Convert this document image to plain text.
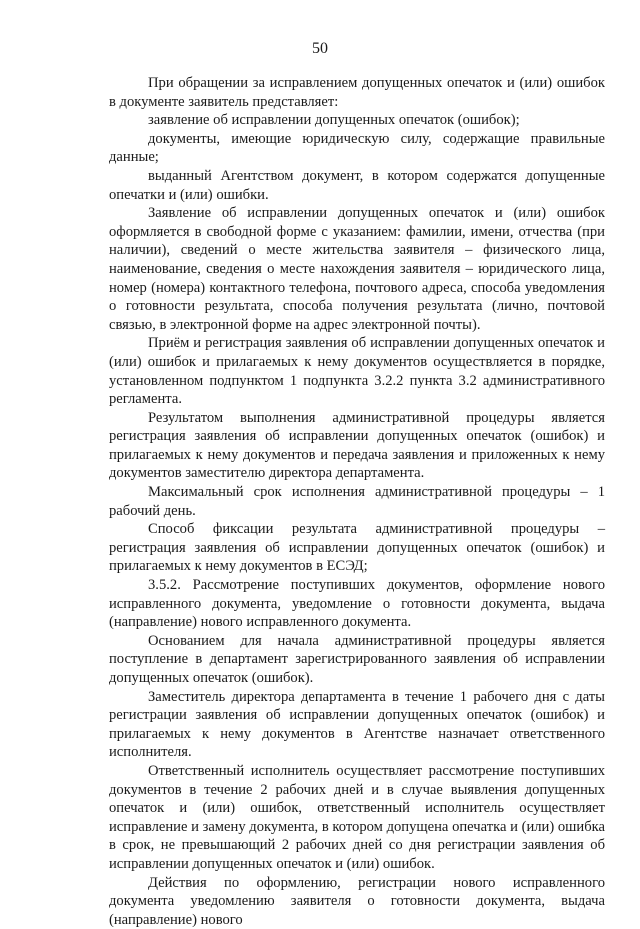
50

При обращении за исправлением допущенных опечаток и (или) ошибок в документе заявитель представляет:

заявление об исправлении допущенных опечаток (ошибок);

документы, имеющие юридическую силу, содержащие правильные данные;

выданный Агентством документ, в котором содержатся допущенные опечатки и (или) ошибки.

Заявление об исправлении допущенных опечаток и (или) ошибок оформляется в свободной форме с указанием: фамилии, имени, отчества (при наличии), сведений о месте жительства заявителя – физического лица, наименование, сведения о месте нахождения заявителя – юридического лица, номер (номера) контактного телефона, почтового адреса, способа уведомления о готовности результата, способа получения результата (лично, почтовой связью, в электронной форме на адрес электронной почты).

Приём и регистрация заявления об исправлении допущенных опечаток и (или) ошибок и прилагаемых к нему документов осуществляется в порядке, установленном подпунктом 1 подпункта 3.2.2 пункта 3.2 административного регламента.

Результатом выполнения административной процедуры является регистрация заявления об исправлении допущенных опечаток (ошибок) и прилагаемых к нему документов и передача заявления и приложенных к нему документов заместителю директора департамента.

Максимальный срок исполнения административной процедуры – 1 рабочий день.

Способ фиксации результата административной процедуры – регистрация заявления об исправлении допущенных опечаток (ошибок) и прилагаемых к нему документов в ЕСЭД;

3.5.2. Рассмотрение поступивших документов, оформление нового исправленного документа, уведомление о готовности документа, выдача (направление) нового исправленного документа.

Основанием для начала административной процедуры является поступление в департамент зарегистрированного заявления об исправлении допущенных опечаток (ошибок).

Заместитель директора департамента в течение 1 рабочего дня с даты регистрации заявления об исправлении допущенных опечаток (ошибок) и прилагаемых к нему документов в Агентстве назначает ответственного исполнителя.

Ответственный исполнитель осуществляет рассмотрение поступивших документов в течение 2 рабочих дней и в случае выявления допущенных опечаток и (или) ошибок, ответственный исполнитель осуществляет исправление и замену документа, в котором допущена опечатка и (или) ошибка в срок, не превышающий 2 рабочих дней со дня регистрации заявления об исправлении допущенных опечаток и (или) ошибок.

Действия по оформлению, регистрации нового исправленного документа уведомлению заявителя о готовности документа, выдача (направление) нового
